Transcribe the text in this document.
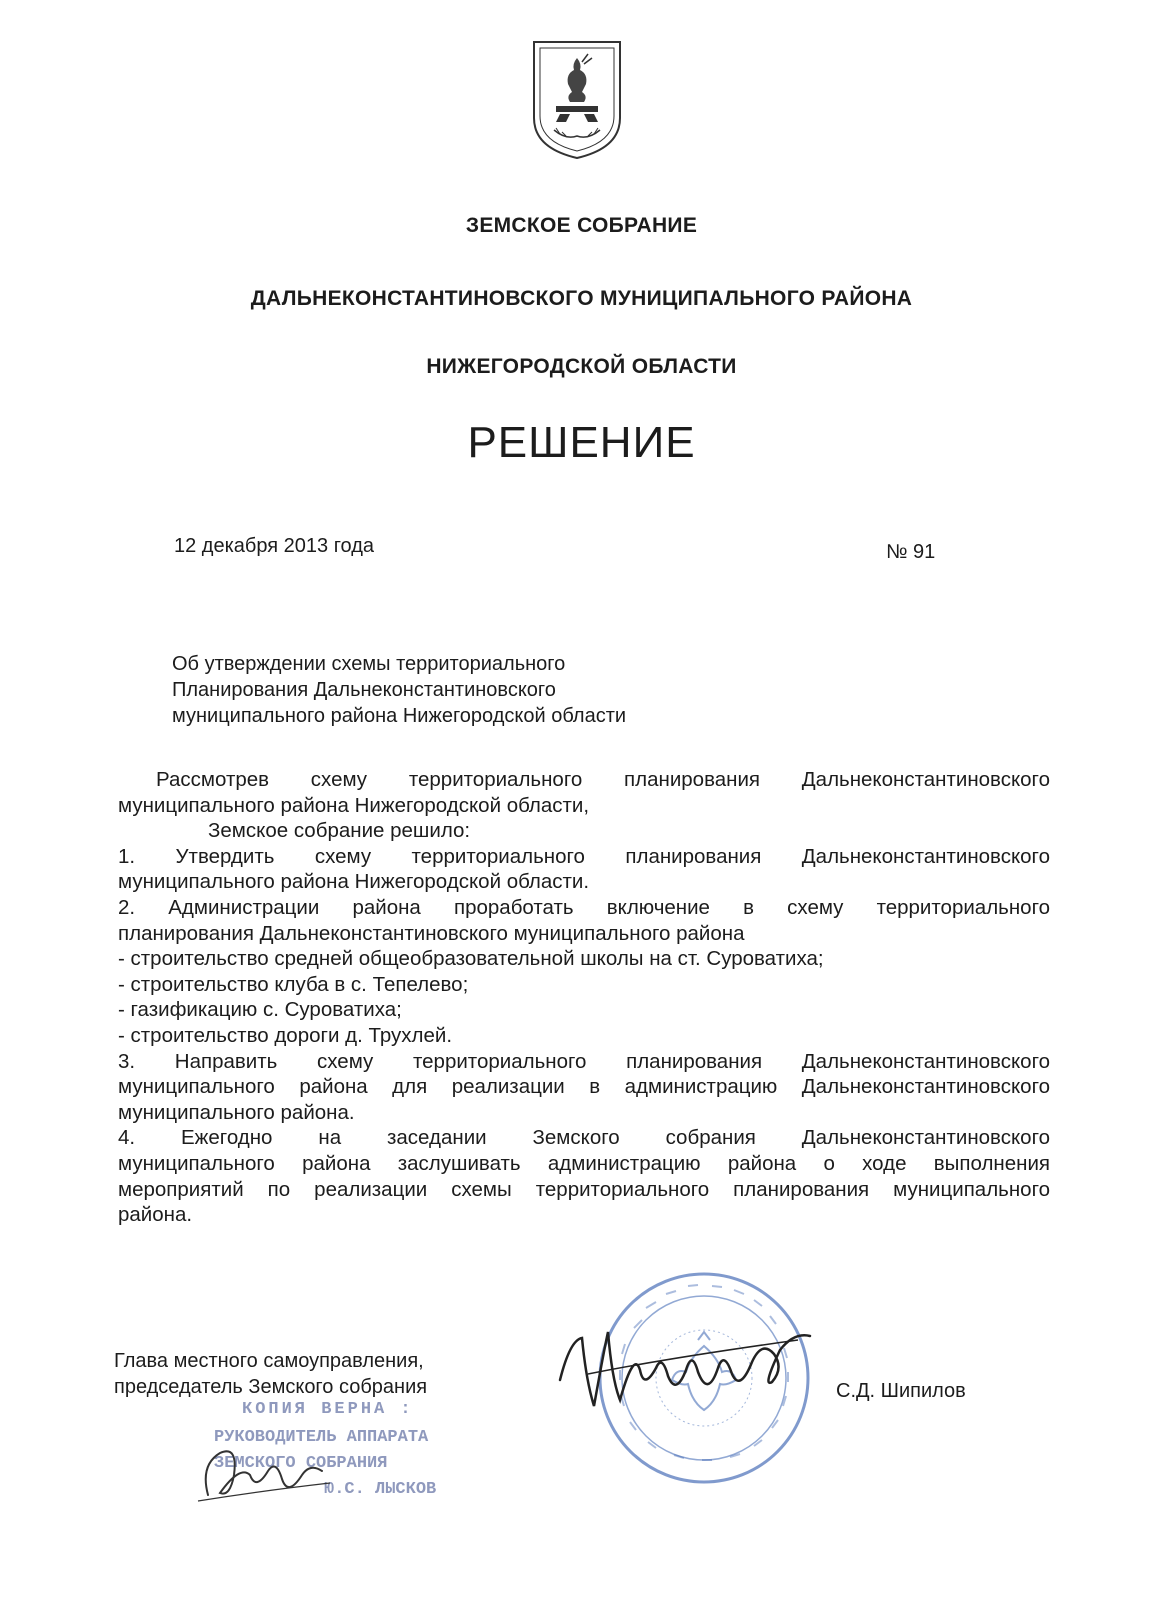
ЗЕМСКОЕ СОБРАНИЕ
ДАЛЬНЕКОНСТАНТИНОВСКОГО МУНИЦИПАЛЬНОГО РАЙОНА
НИЖЕГОРОДСКОЙ ОБЛАСТИ
РЕШЕНИЕ
12 декабря 2013 года	№ 91
Об утверждении схемы территориального
Планирования Дальнеконстантиновского
муниципального района Нижегородской области
Рассмотрев схему территориального планирования Дальнеконстантиновского
муниципального района Нижегородской области,
Земское собрание решило:
1. Утвердить схему территориального планирования Дальнеконстантиновского
муниципального района Нижегородской области.
2. Администрации района проработать включение в схему территориального
планирования Дальнеконстантиновского муниципального района
- строительство средней общеобразовательной школы на ст. Суроватиха;
- строительство клуба в с. Тепелево;
- газификацию с. Суроватиха;
- строительство дороги д. Трухлей.
3. Направить схему территориального планирования Дальнеконстантиновского
муниципального района для реализации в администрацию Дальнеконстантиновского
муниципального района.
4. Ежегодно на заседании Земского собрания Дальнеконстантиновского
муниципального района заслушивать администрацию района о ходе выполнения
мероприятий по реализации схемы территориального планирования муниципального
района.
Глава местного самоуправления,
председатель Земского собрания	С.Д. Шипилов
КОПИЯ ВЕРНА :
РУКОВОДИТЕЛЬ АППАРАТА
ЗЕМСКОГО СОБРАНИЯ
Ю.С. ЛЫСКОВ
